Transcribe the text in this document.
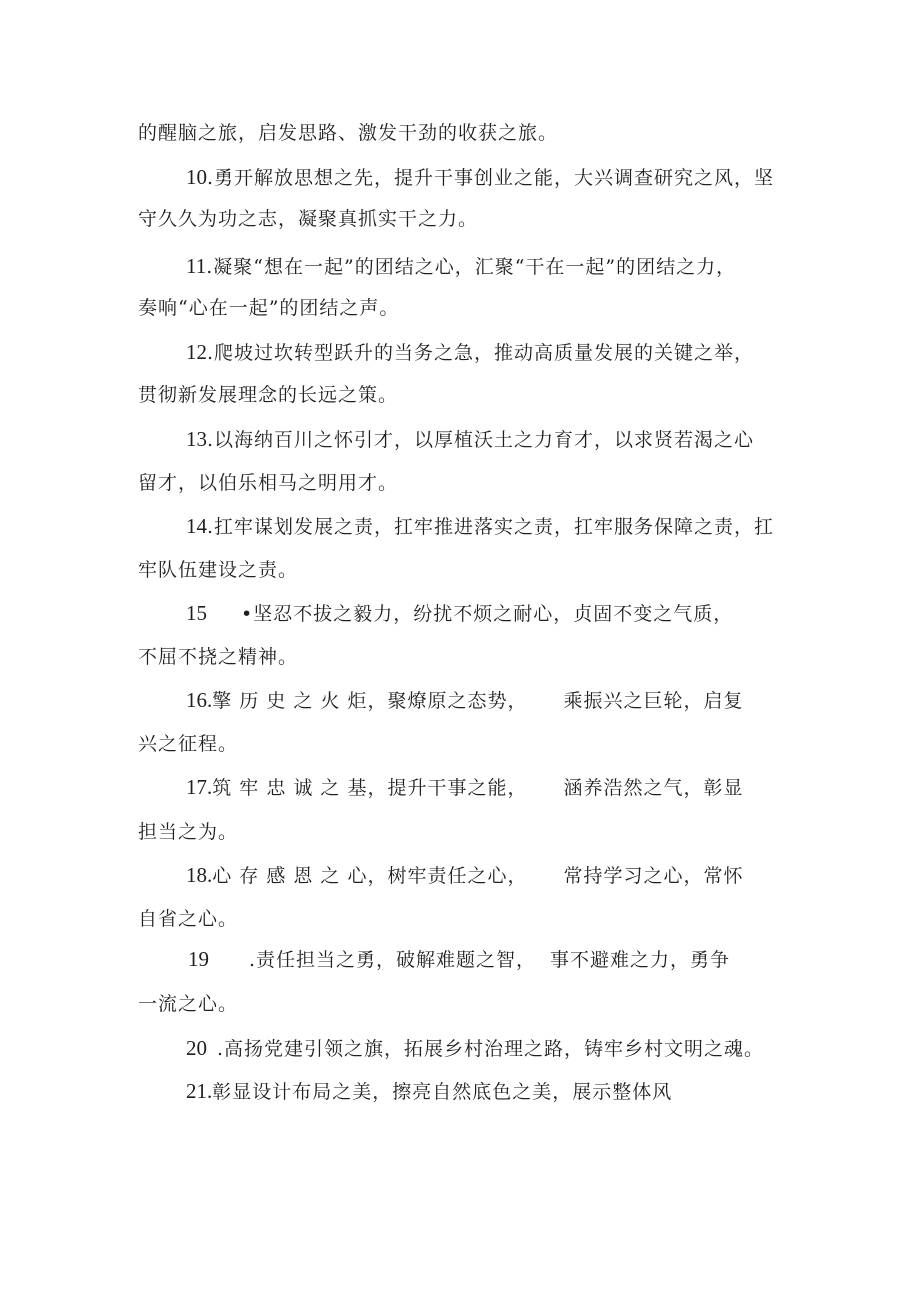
的醒脑之旅，启发思路、激发干劲的收获之旅。
10.勇开解放思想之先，提升干事创业之能，大兴调查研究之风，坚
守久久为功之志，凝聚真抓实干之力。
11.凝聚“想在一起”的团结之心，汇聚“干在一起”的团结之力，
奏响“心在一起”的团结之声。
12.爬坡过坎转型跃升的当务之急，推动高质量发展的关键之举，
贯彻新发展理念的长远之策。
13.以海纳百川之怀引才，以厚植沃土之力育才，以求贤若渴之心
留才，以伯乐相马之明用才。
14.扛牢谋划发展之责，扛牢推进落实之责，扛牢服务保障之责，扛
牢队伍建设之责。
15 •坚忍不拔之毅力，纷扰不烦之耐心，贞固不变之气质，
不屈不挠之精神。
16.擎 历 史 之 火 炬，聚燎原之态势， 乘振兴之巨轮，启复
兴之征程。
17.筑 牢 忠 诚 之 基，提升干事之能， 涵养浩然之气，彰显
担当之为。
18.心 存 感 恩 之 心，树牢责任之心， 常持学习之心，常怀
自省之心。
19 .责任担当之勇，破解难题之智， 事不避难之力，勇争
一流之心。
20 .高扬党建引领之旗，拓展乡村治理之路，铸牢乡村文明之魂。
21.彰显设计布局之美，擦亮自然底色之美，展示整体风
